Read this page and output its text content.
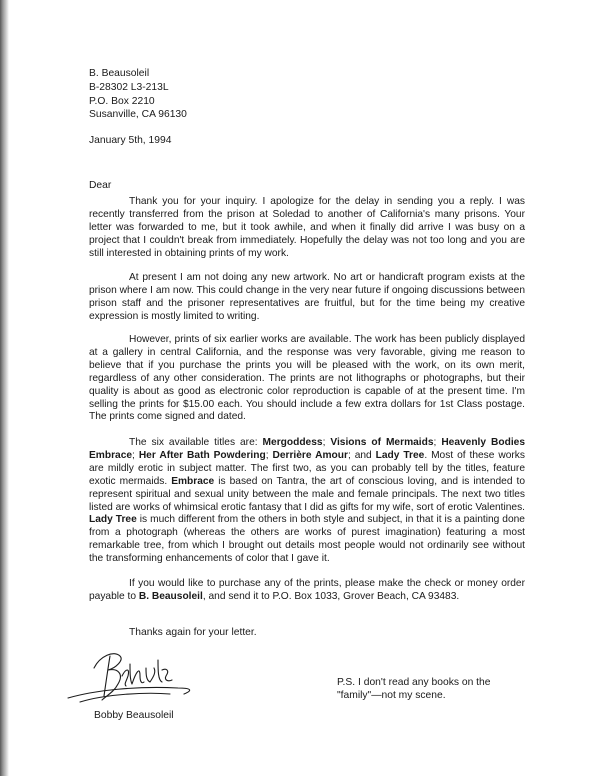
B. Beausoleil
B-28302 L3-213L
P.O. Box 2210
Susanville, CA 96130
January 5th, 1994
Dear

Thank you for your inquiry. I apologize for the delay in sending you a reply. I was recently transferred from the prison at Soledad to another of California's many prisons. Your letter was forwarded to me, but it took awhile, and when it finally did arrive I was busy on a project that I couldn't break from immediately. Hopefully the delay was not too long and you are still interested in obtaining prints of my work.

At present I am not doing any new artwork. No art or handicraft program exists at the prison where I am now. This could change in the very near future if ongoing discussions between prison staff and the prisoner representatives are fruitful, but for the time being my creative expression is mostly limited to writing.

However, prints of six earlier works are available. The work has been publicly displayed at a gallery in central California, and the response was very favorable, giving me reason to believe that if you purchase the prints you will be pleased with the work, on its own merit, regardless of any other consideration. The prints are not lithographs or photographs, but their quality is about as good as electronic color reproduction is capable of at the present time. I'm selling the prints for $15.00 each. You should include a few extra dollars for 1st Class postage. The prints come signed and dated.

The six available titles are: Mergoddess; Visions of Mermaids; Heavenly Bodies Embrace; Her After Bath Powdering; Derrière Amour; and Lady Tree. Most of these works are mildly erotic in subject matter. The first two, as you can probably tell by the titles, feature exotic mermaids. Embrace is based on Tantra, the art of conscious loving, and is intended to represent spiritual and sexual unity between the male and female principals. The next two titles listed are works of whimsical erotic fantasy that I did as gifts for my wife, sort of erotic Valentines. Lady Tree is much different from the others in both style and subject, in that it is a painting done from a photograph (whereas the others are works of purest imagination) featuring a most remarkable tree, from which I brought out details most people would not ordinarily see without the transforming enhancements of color that I gave it.

If you would like to purchase any of the prints, please make the check or money order payable to B. Beausoleil, and send it to P.O. Box 1033, Grover Beach, CA 93483.

Thanks again for your letter.
Bobby Beausoleil
P.S. I don't read any books on the
"family"—not my scene.
